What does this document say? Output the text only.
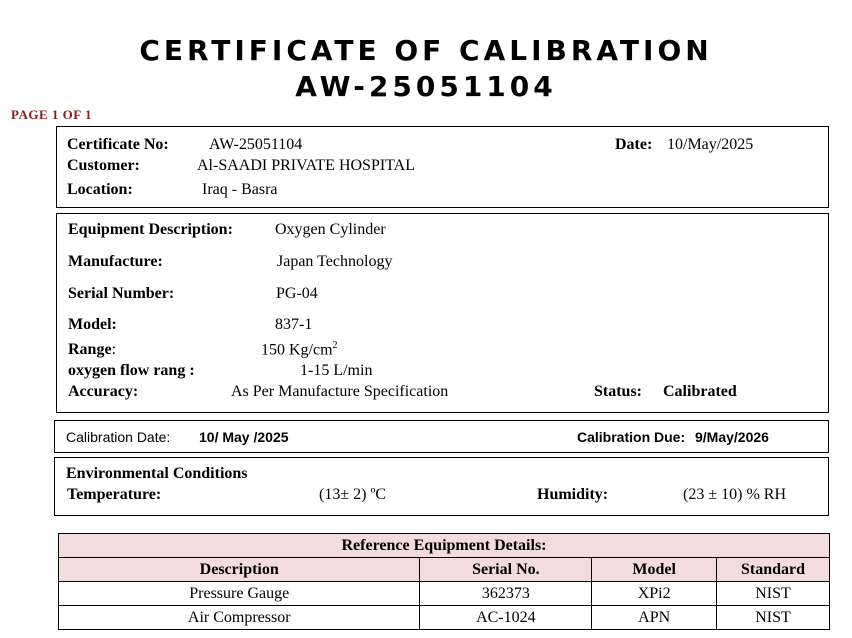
CERTIFICATE OF CALIBRATION
AW-25051104
PAGE 1 OF 1
Certificate No:	AW-25051104	Date: 10/May/2025
Customer:	Al-SAADI PRIVATE HOSPITAL
Location:	Iraq - Basra
Equipment Description:	Oxygen Cylinder
Manufacture:	Japan Technology
Serial Number:	PG-04
Model:	837-1
Range:	150 $Kg/cm^2$
oxygen flow rang :	1-15 L/min
Accuracy:	As Per Manufacture Specification	Status: Calibrated
Calibration Date: 10/ May /2025	Calibration Due: 9/May/2026
Environmental Conditions
Temperature:	(13± 2) ºC	Humidity:	(23 ± 10) % RH
Reference Equipment Details:			
Description	Serial No.	Model	Standard
Pressure Gauge	362373	XPi2	NIST
Air Compressor	AC-1024	APN	NIST
